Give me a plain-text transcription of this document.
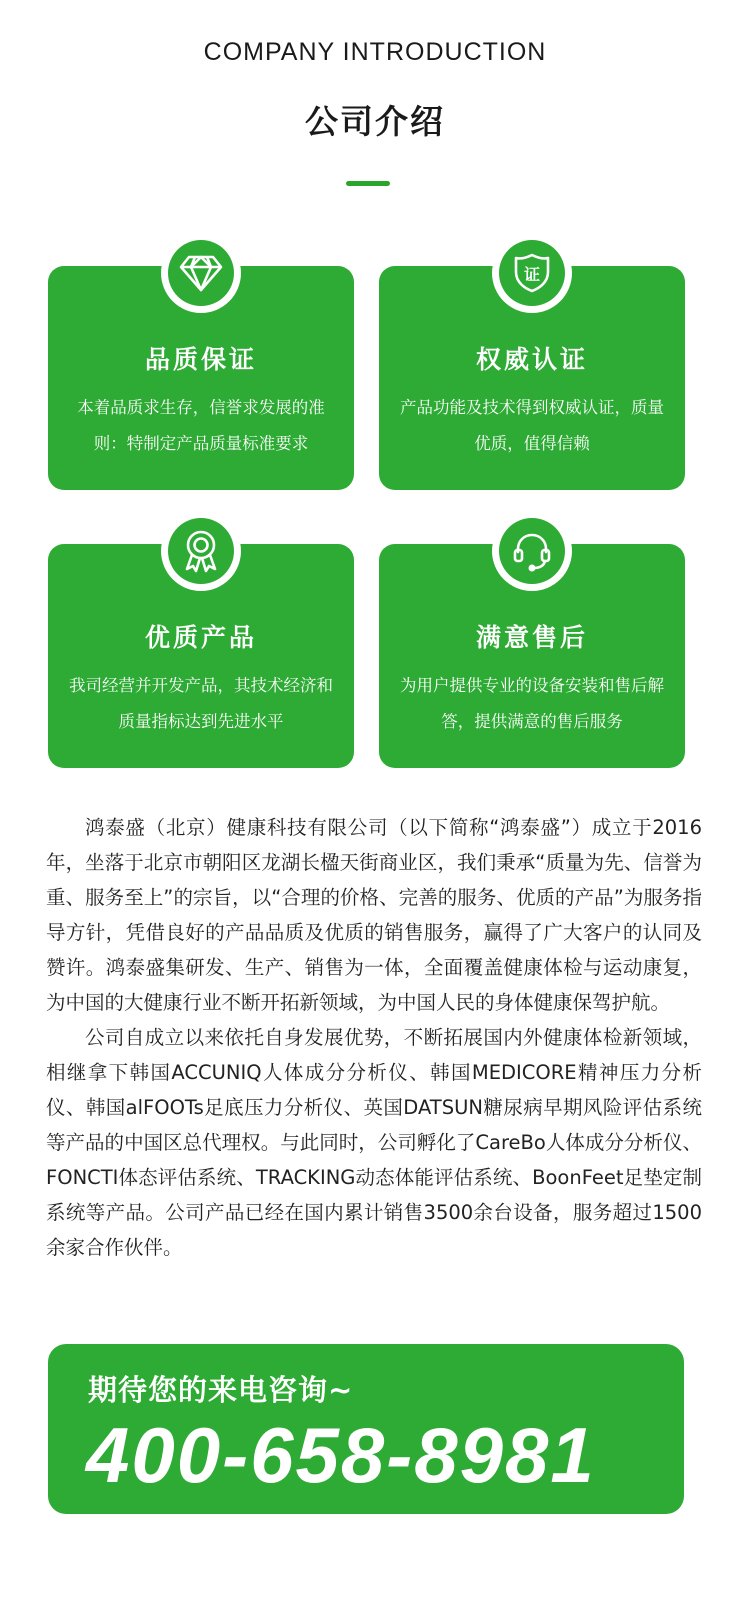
COMPANY INTRODUCTION
公司介绍
品质保证
本着品质求生存，信誉求发展的准则：特制定产品质量标准要求
证
权威认证
产品功能及技术得到权威认证，质量优质，值得信赖
优质产品
我司经营并开发产品，其技术经济和质量指标达到先进水平
满意售后
为用户提供专业的设备安装和售后解答，提供满意的售后服务

鸿泰盛（北京）健康科技有限公司（以下简称“鸿泰盛”）成立于2016年，坐落于北京市朝阳区龙湖长楹天街商业区，我们秉承“质量为先、信誉为重、服务至上”的宗旨，以“合理的价格、完善的服务、优质的产品”为服务指导方针，凭借良好的产品品质及优质的销售服务，赢得了广大客户的认同及赞许。鸿泰盛集研发、生产、销售为一体，全面覆盖健康体检与运动康复，为中国的大健康行业不断开拓新领域，为中国人民的身体健康保驾护航。

公司自成立以来依托自身发展优势，不断拓展国内外健康体检新领域，相继拿下韩国ACCUNIQ人体成分分析仪、韩国MEDICORE精神压力分析仪、韩国alFOOTs足底压力分析仪、英国DATSUN糖尿病早期风险评估系统等产品的中国区总代理权。与此同时，公司孵化了CareBo人体成分分析仪、FONCTI体态评估系统、TRACKING动态体能评估系统、BoonFeet足垫定制系统等产品。公司产品已经在国内累计销售3500余台设备，服务超过1500 余家合作伙伴。

期待您的来电咨询~
400-658-8981
